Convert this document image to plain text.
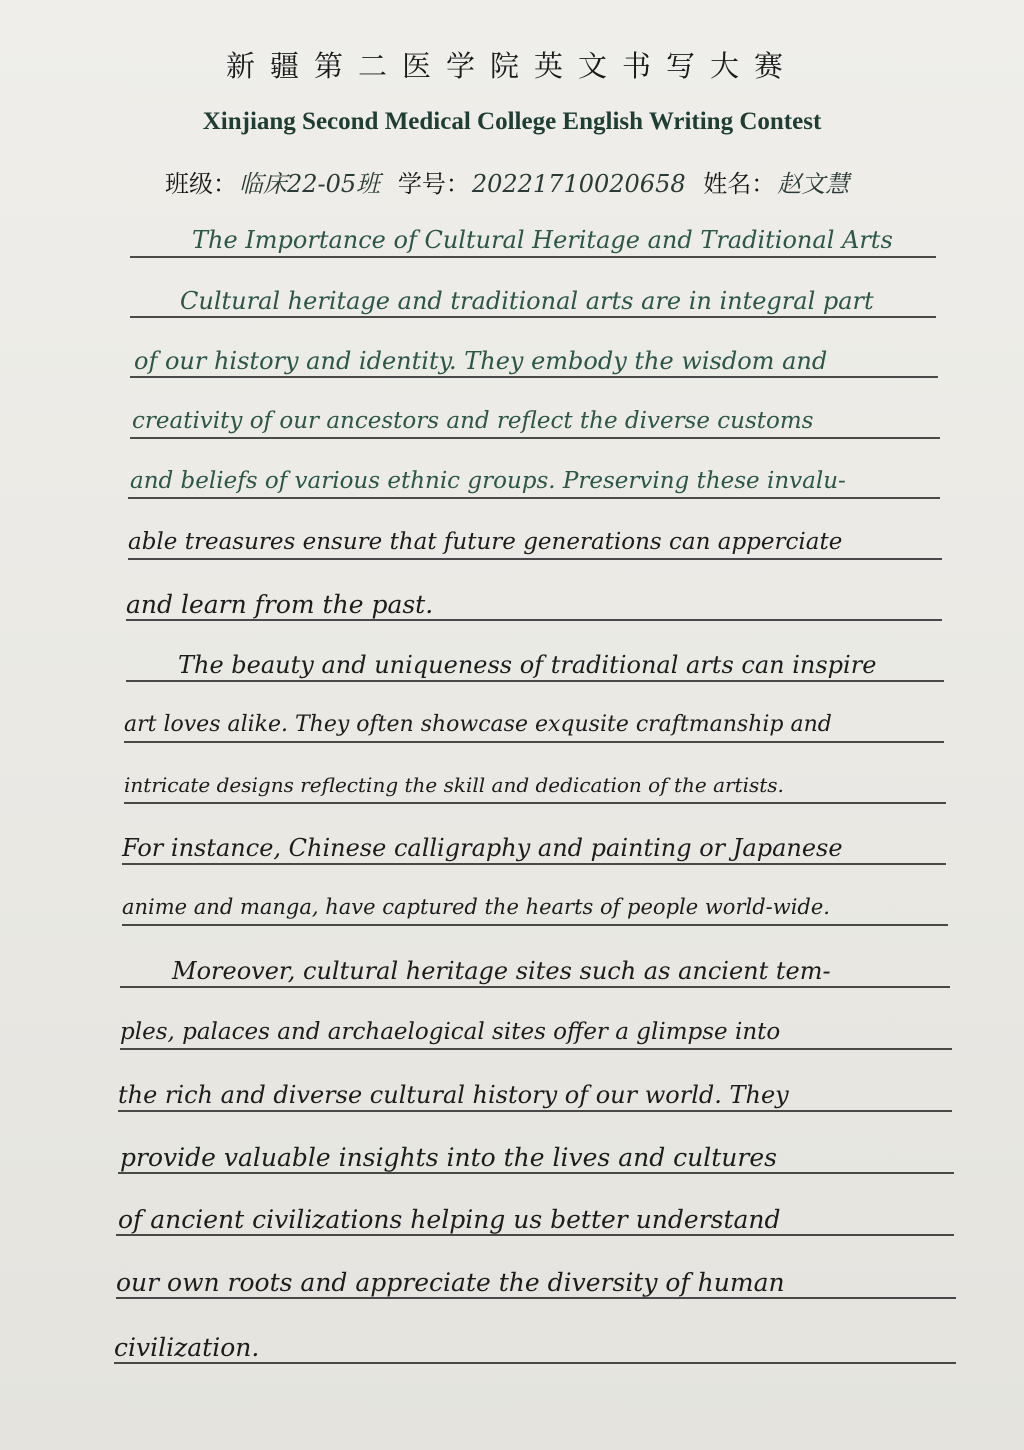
新疆第二医学院英文书写大赛
Xinjiang Second Medical College English Writing Contest
班级：临床22-05班 学号：20221710020658 姓名：赵文慧
The Importance of Cultural Heritage and Traditional Arts
Cultural heritage and traditional arts are in integral part
of our history and identity. They embody the wisdom and
creativity of our ancestors and reflect the diverse customs
and beliefs of various ethnic groups. Preserving these invalu-
able treasures ensure that future generations can apperciate
and learn from the past.
The beauty and uniqueness of traditional arts can inspire
art loves alike. They often showcase exqusite craftmanship and
intricate designs reflecting the skill and dedication of the artists.
For instance, Chinese calligraphy and painting or Japanese
anime and manga, have captured the hearts of people world-wide.
Moreover, cultural heritage sites such as ancient tem-
ples, palaces and archaelogical sites offer a glimpse into
the rich and diverse cultural history of our world. They
provide valuable insights into the lives and cultures
of ancient civilizations helping us better understand
our own roots and appreciate the diversity of human
civilization.
